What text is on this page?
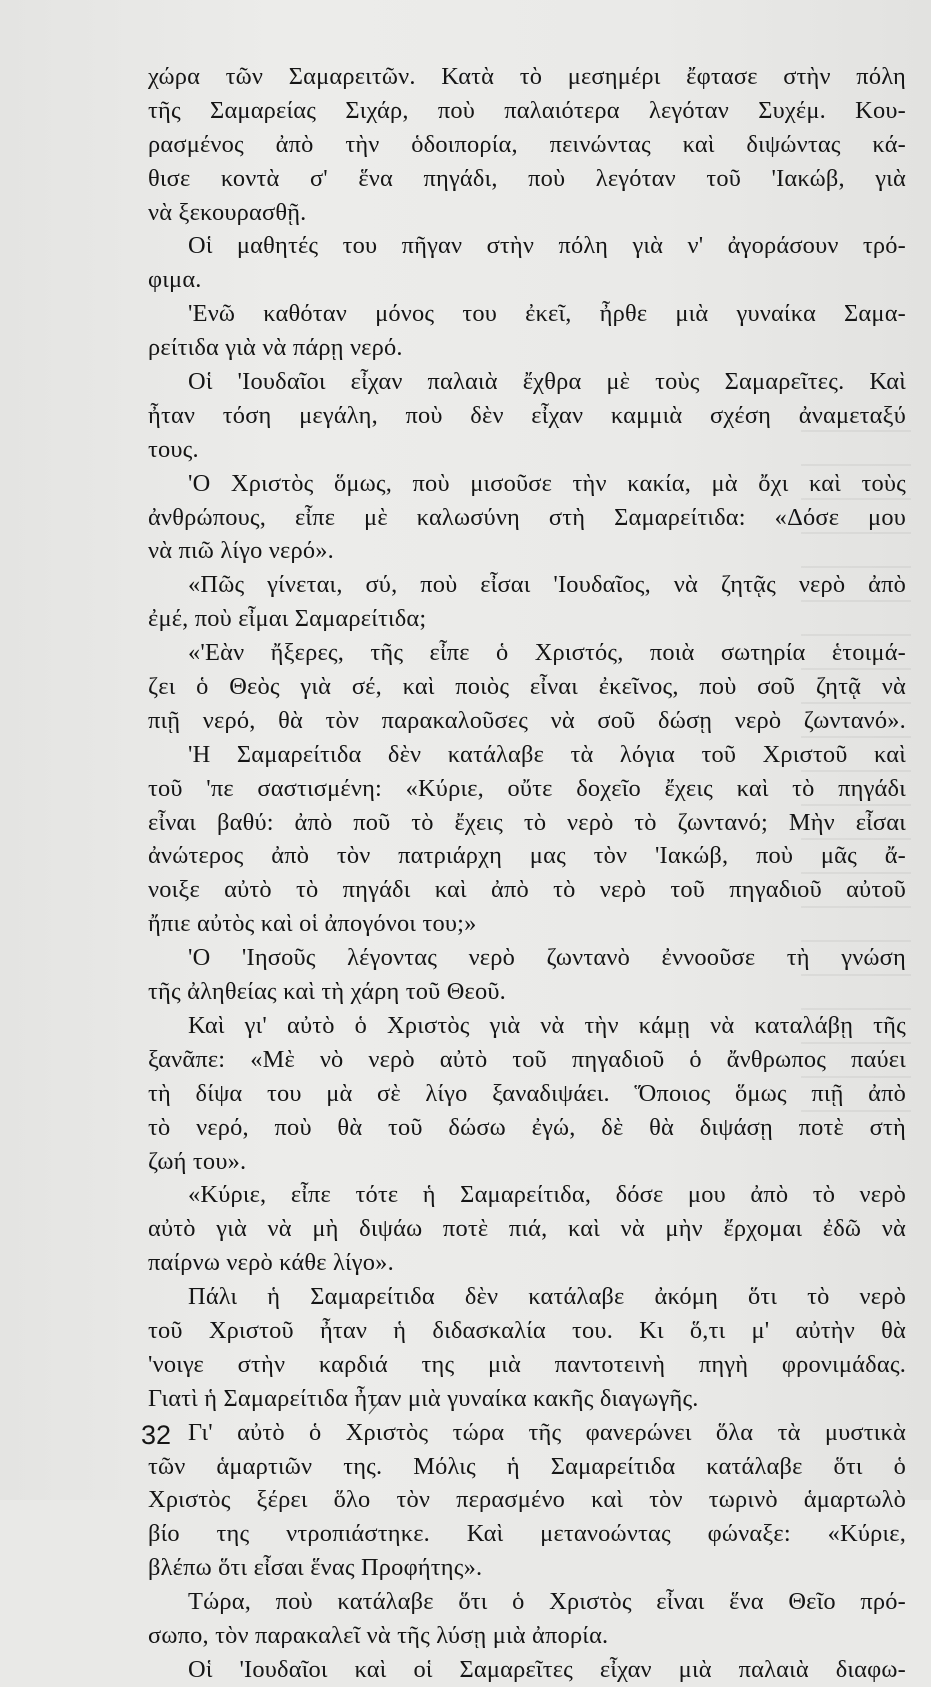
χώρα τῶν Σαμαρειτῶν. Κατὰ τὸ μεσημέρι ἔφτασε στὴν πόλη
τῆς Σαμαρείας Σιχάρ, ποὺ παλαιότερα λεγόταν Συχέμ. Κου-
ρασμένος ἀπὸ τὴν ὁδοιπορία, πεινώντας καὶ διψώντας κά-
θισε κοντὰ σ' ἕνα πηγάδι, ποὺ λεγόταν τοῦ 'Ιακώβ, γιὰ
νὰ ξεκουρασθῇ.
Οἱ μαθητές του πῆγαν στὴν πόλη γιὰ ν' ἀγοράσουν τρό-
φιμα.
'Ενῶ καθόταν μόνος του ἐκεῖ, ἦρθε μιὰ γυναίκα Σαμα-
ρείτιδα γιὰ νὰ πάρῃ νερό.
Οἱ 'Ιουδαῖοι εἶχαν παλαιὰ ἔχθρα μὲ τοὺς Σαμαρεῖτες. Καὶ
ἦταν τόση μεγάλη, ποὺ δὲν εἶχαν καμμιὰ σχέση ἀναμεταξύ
τους.
'Ο Χριστὸς ὅμως, ποὺ μισοῦσε τὴν κακία, μὰ ὄχι καὶ τοὺς
ἀνθρώπους, εἶπε μὲ καλωσύνη στὴ Σαμαρείτιδα: «Δόσε μου
νὰ πιῶ λίγο νερό».
«Πῶς γίνεται, σύ, ποὺ εἶσαι 'Ιουδαῖος, νὰ ζητᾷς νερὸ ἀπὸ
ἐμέ, ποὺ εἶμαι Σαμαρείτιδα;
«'Εὰν ἤξερες, τῆς εἶπε ὁ Χριστός, ποιὰ σωτηρία ἑτοιμά-
ζει ὁ Θεὸς γιὰ σέ, καὶ ποιὸς εἶναι ἐκεῖνος, ποὺ σοῦ ζητᾷ νὰ
πιῇ νερό, θὰ τὸν παρακαλοῦσες νὰ σοῦ δώσῃ νερὸ ζωντανό».
'Η Σαμαρείτιδα δὲν κατάλαβε τὰ λόγια τοῦ Χριστοῦ καὶ
τοῦ 'πε σαστισμένη: «Κύριε, οὔτε δοχεῖο ἔχεις καὶ τὸ πηγάδι
εἶναι βαθύ: ἀπὸ ποῦ τὸ ἔχεις τὸ νερὸ τὸ ζωντανό; Μὴν εἶσαι
ἀνώτερος ἀπὸ τὸν πατριάρχη μας τὸν 'Ιακώβ, ποὺ μᾶς ἄ-
νοιξε αὐτὸ τὸ πηγάδι καὶ ἀπὸ τὸ νερὸ τοῦ πηγαδιοῦ αὐτοῦ
ἤπιε αὐτὸς καὶ οἱ ἀπογόνοι του;»
'Ο 'Ιησοῦς λέγοντας νερὸ ζωντανὸ ἐννοοῦσε τὴ γνώση
τῆς ἀληθείας καὶ τὴ χάρη τοῦ Θεοῦ.
Καὶ γι' αὐτὸ ὁ Χριστὸς γιὰ νὰ τὴν κάμῃ νὰ καταλάβῃ τῆς
ξανᾶπε: «Μὲ νὸ νερὸ αὐτὸ τοῦ πηγαδιοῦ ὁ ἄνθρωπος παύει
τὴ δίψα του μὰ σὲ λίγο ξαναδιψάει. Ὅποιος ὅμως πιῇ ἀπὸ
τὸ νερό, ποὺ θὰ τοῦ δώσω ἐγώ, δὲ θὰ διψάσῃ ποτὲ στὴ
ζωή του».
«Κύριε, εἶπε τότε ἡ Σαμαρείτιδα, δόσε μου ἀπὸ τὸ νερὸ
αὐτὸ γιὰ νὰ μὴ διψάω ποτὲ πιά, καὶ νὰ μὴν ἔρχομαι ἐδῶ νὰ
παίρνω νερὸ κάθε λίγο».
Πάλι ἡ Σαμαρείτιδα δὲν κατάλαβε ἀκόμη ὅτι τὸ νερὸ
τοῦ Χριστοῦ ἦταν ἡ διδασκαλία του. Κι ὅ,τι μ' αὐτὴν θὰ
'νοιγε στὴν καρδιά της μιὰ παντοτεινὴ πηγὴ φρονιμάδας.
Γιατὶ ἡ Σαμαρείτιδα ἦταν μιὰ γυναίκα κακῆς διαγωγῆς.
Γι' αὐτὸ ὁ Χριστὸς τώρα τῆς φανερώνει ὅλα τὰ μυστικὰ
τῶν ἁμαρτιῶν της. Μόλις ἡ Σαμαρείτιδα κατάλαβε ὅτι ὁ
Χριστὸς ξέρει ὅλο τὸν περασμένο καὶ τὸν τωρινὸ ἁμαρτωλὸ
βίο της ντροπιάστηκε. Καὶ μετανοώντας φώναξε: «Κύριε,
βλέπω ὅτι εἶσαι ἕνας Προφήτης».
Τώρα, ποὺ κατάλαβε ὅτι ὁ Χριστὸς εἶναι ἕνα Θεῖο πρό-
σωπο, τὸν παρακαλεῖ νὰ τῆς λύσῃ μιὰ ἀπορία.
Οἱ 'Ιουδαῖοι καὶ οἱ Σαμαρεῖτες εἶχαν μιὰ παλαιὰ διαφω-
32
